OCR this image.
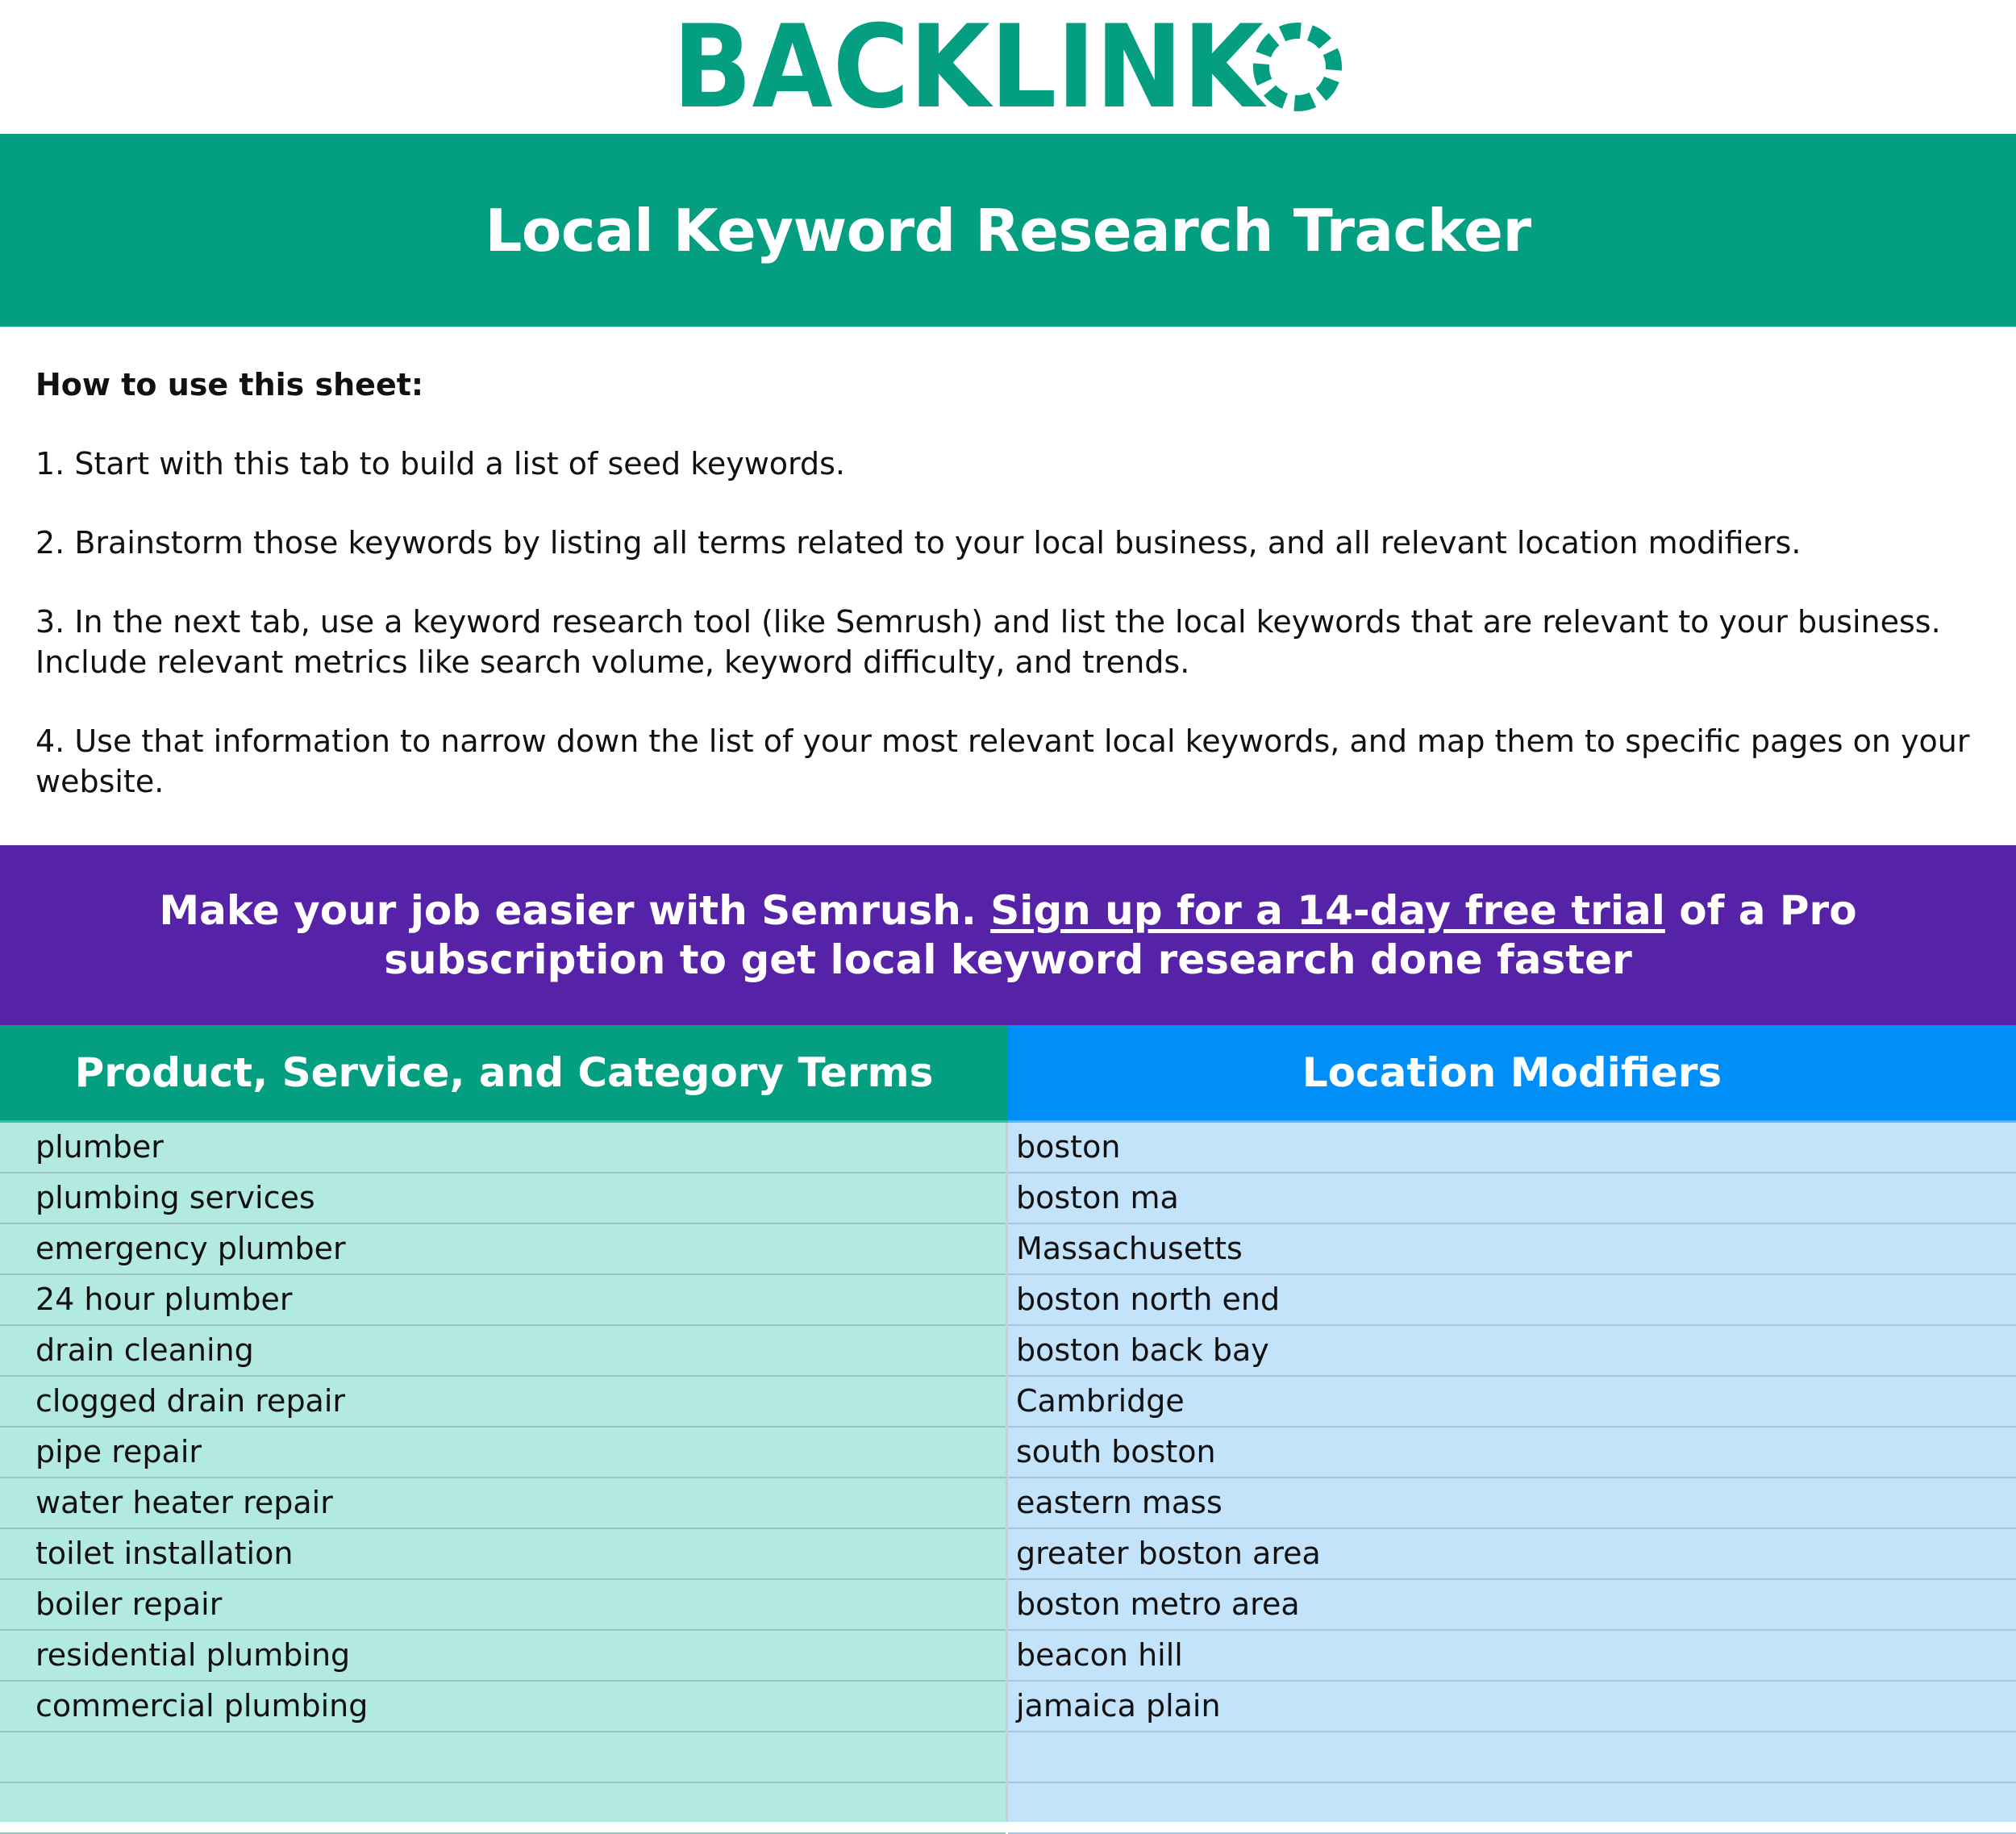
BACKLINK
Local Keyword Research Tracker
How to use this sheet:
1. Start with this tab to build a list of seed keywords.
2. Brainstorm those keywords by listing all terms related to your local business, and all relevant location modifiers.
3. In the next tab, use a keyword research tool (like Semrush) and list the local keywords that are relevant to your business. Include relevant metrics like search volume, keyword difficulty, and trends.
4. Use that information to narrow down the list of your most relevant local keywords, and map them to specific pages on your website.
Make your job easier with Semrush. Sign up for a 14-day free trial of a Pro subscription to get local keyword research done faster
Product, Service, and Category Terms	Location Modifiers
plumber
plumbing services
emergency plumber
24 hour plumber
drain cleaning
clogged drain repair
pipe repair
water heater repair
toilet installation
boiler repair
residential plumbing
commercial plumbing
boston
boston ma
Massachusetts
boston north end
boston back bay
Cambridge
south boston
eastern mass
greater boston area
boston metro area
beacon hill
jamaica plain
